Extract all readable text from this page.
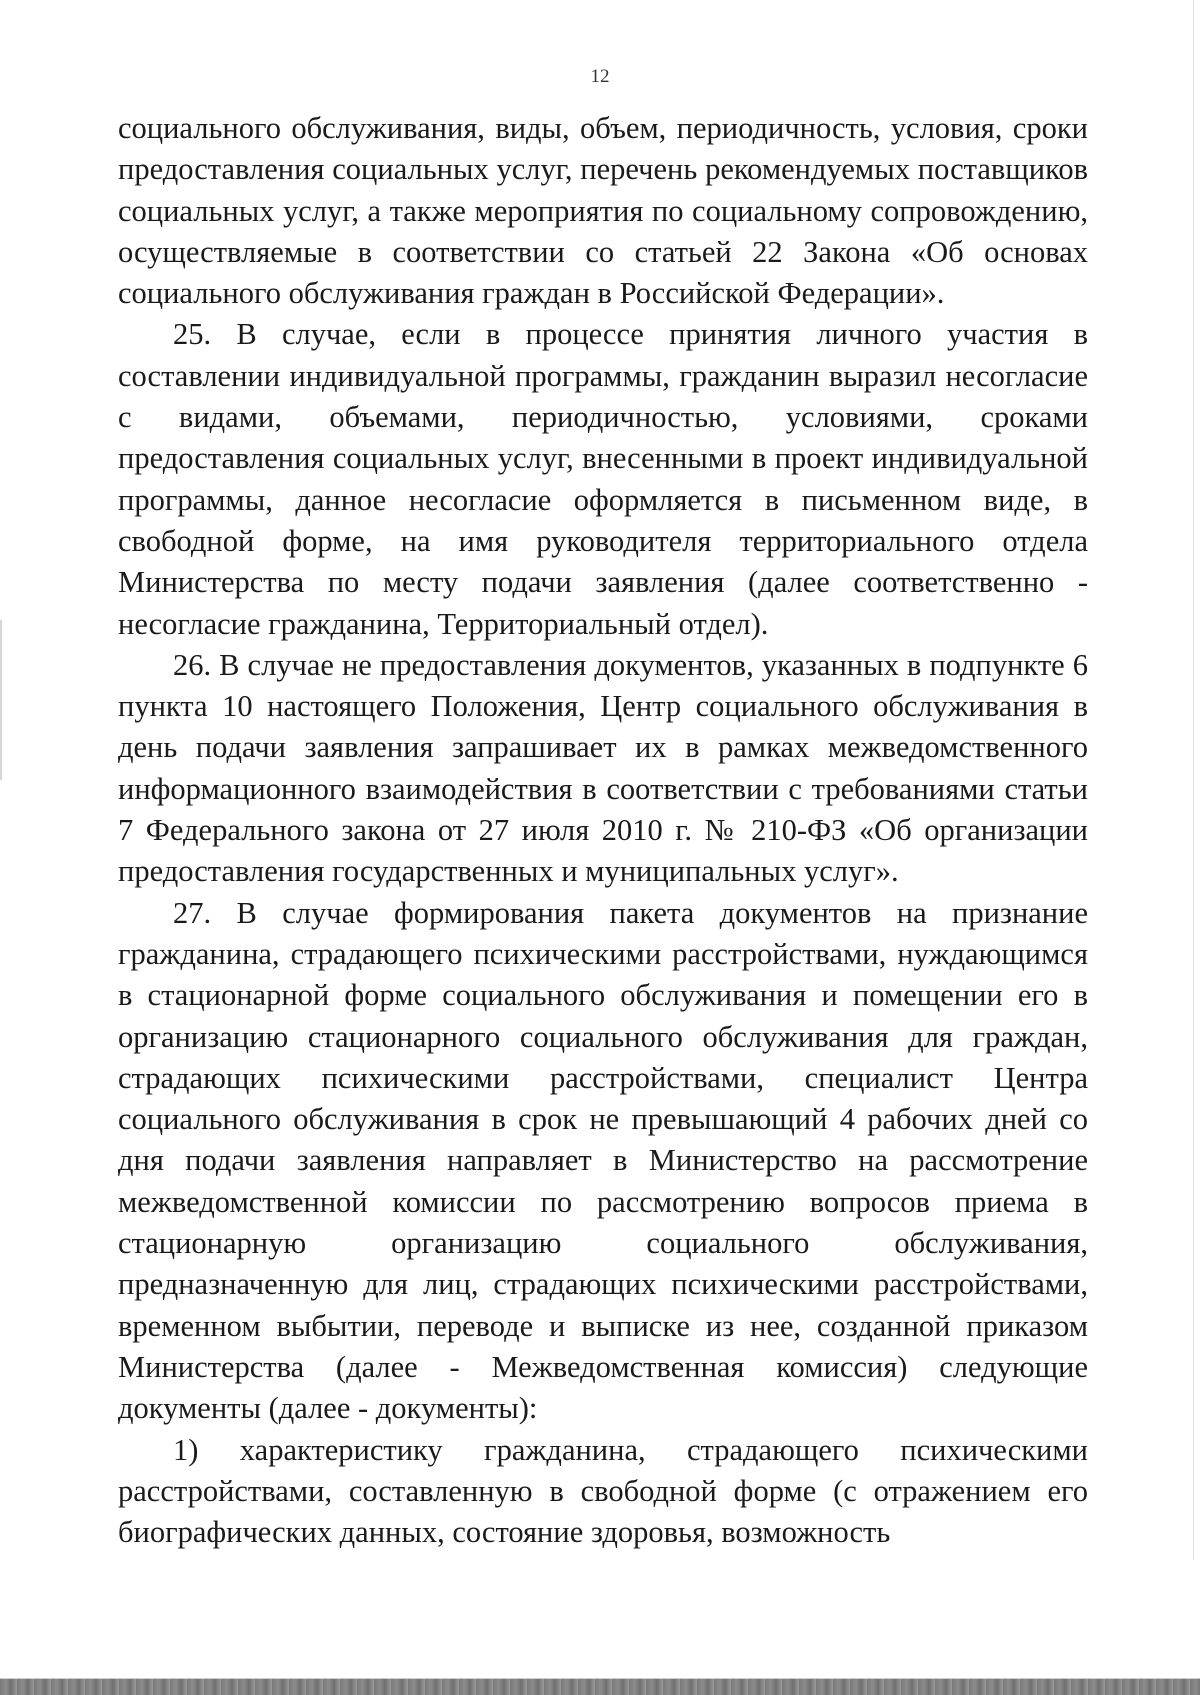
12

социального обслуживания, виды, объем, периодичность, условия, сроки предоставления социальных услуг, перечень рекомендуемых поставщиков социальных услуг, а также мероприятия по социальному сопровождению, осуществляемые в соответствии со статьей 22 Закона «Об основах социального обслуживания граждан в Российской Федерации».

25. В случае, если в процессе принятия личного участия в составлении индивидуальной программы, гражданин выразил несогласие с видами, объемами, периодичностью, условиями, сроками предоставления социальных услуг, внесенными в проект индивидуальной программы, данное несогласие оформляется в письменном виде, в свободной форме, на имя руководителя территориального отдела Министерства по месту подачи заявления (далее соответственно - несогласие гражданина, Территориальный отдел).

26. В случае не предоставления документов, указанных в подпункте 6 пункта 10 настоящего Положения, Центр социального обслуживания в день подачи заявления запрашивает их в рамках межведомственного информационного взаимодействия в соответствии с требованиями статьи 7 Федерального закона от 27 июля 2010 г. № 210-ФЗ «Об организации предоставления государственных и муниципальных услуг».

27. В случае формирования пакета документов на признание гражданина, страдающего психическими расстройствами, нуждающимся в стационарной форме социального обслуживания и помещении его в организацию стационарного социального обслуживания для граждан, страдающих психическими расстройствами, специалист Центра социального обслуживания в срок не превышающий 4 рабочих дней со дня подачи заявления направляет в Министерство на рассмотрение межведомственной комиссии по рассмотрению вопросов приема в стационарную организацию социального обслуживания, предназначенную для лиц, страдающих психическими расстройствами, временном выбытии, переводе и выписке из нее, созданной приказом Министерства (далее - Межведомственная комиссия) следующие документы (далее - документы):

1) характеристику гражданина, страдающего психическими расстройствами, составленную в свободной форме (с отражением его биографических данных, состояние здоровья, возможность
